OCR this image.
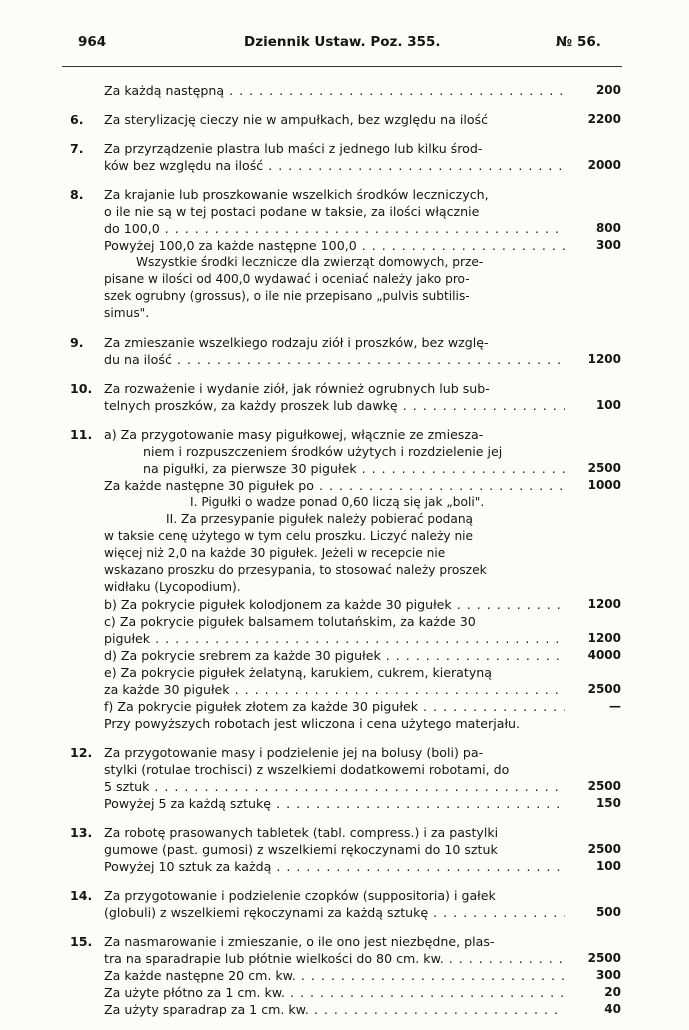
964	Dziennik Ustaw. Poz. 355.	№ 56.
Za każdą następną . . .	200
6. Za sterylizację cieczy nie w ampułkach, bez względu na ilość	2200
7. Za przyrządzenie plastra lub maści z jednego lub kilku środ-
ków bez względu na ilość . . .	2000
8. Za krajanie lub proszkowanie wszelkich środków leczniczych,
o ile nie są w tej postaci podane w taksie, za ilości włącznie
do 100,0 . . .	800
Powyżej 100,0 za każde następne 100,0 . . .	300
Wszystkie środki lecznicze dla zwierząt domowych, prze-
pisane w ilości od 400,0 wydawać i oceniać należy jako pro-
szek ogrubny (grossus), o ile nie przepisano „pulvis subtilis-
simus".
9. Za zmieszanie wszelkiego rodzaju ziół i proszków, bez wzglę-
du na ilość . . .	1200
10. Za rozważenie i wydanie ziół, jak również ogrubnych lub sub-
telnych proszków, za każdy proszek lub dawkę . . .	100
11. a) Za przygotowanie masy pigułkowej, włącznie ze zmiesza-
niem i rozpuszczeniem środków użytych i rozdzielenie jej
na pigułki, za pierwsze 30 pigułek . . .	2500
Za każde następne 30 pigułek po . . .	1000
I. Pigułki o wadze ponad 0,60 liczą się jak „boli".
II. Za przesypanie pigułek należy pobierać podaną
w taksie cenę użytego w tym celu proszku. Liczyć należy nie
więcej niż 2,0 na każde 30 pigułek. Jeżeli w recepcie nie
wskazano proszku do przesypania, to stosować należy proszek
widłaku (Lycopodium).
b) Za pokrycie pigułek kolodjonem za każde 30 pigułek . . .	1200
c) Za pokrycie pigułek balsamem tolutańskim, za każde 30
pigułek . . .	1200
d) Za pokrycie srebrem za każde 30 pigułek . . .	4000
e) Za pokrycie pigułek żelatyną, karukiem, cukrem, kieratyną
za każde 30 pigułek . . .	2500
f) Za pokrycie pigułek złotem za każde 30 pigułek . . .	—
Przy powyższych robotach jest wliczona i cena użytego materjału.
12. Za przygotowanie masy i podzielenie jej na bolusy (boli) pa-
stylki (rotulae trochisci) z wszelkiemi dodatkowemi robotami, do
5 sztuk . . .	2500
Powyżej 5 za każdą sztukę . . .	150
13. Za robotę prasowanych tabletek (tabl. compress.) i za pastylki
gumowe (past. gumosi) z wszelkiemi rękoczynami do 10 sztuk	2500
Powyżej 10 sztuk za każdą . . .	100
14. Za przygotowanie i podzielenie czopków (suppositoria) i gałek
(globuli) z wszelkiemi rękoczynami za każdą sztukę . . .	500
15. Za nasmarowanie i zmieszanie, o ile ono jest niezbędne, plas-
tra na sparadrapie lub płótnie wielkości do 80 cm. kw. . . .	2500
Za każde następne 20 cm. kw. . . .	300
Za użyte płótno za 1 cm. kw. . . .	20
Za użyty sparadrap za 1 cm. kw. . . .	40
